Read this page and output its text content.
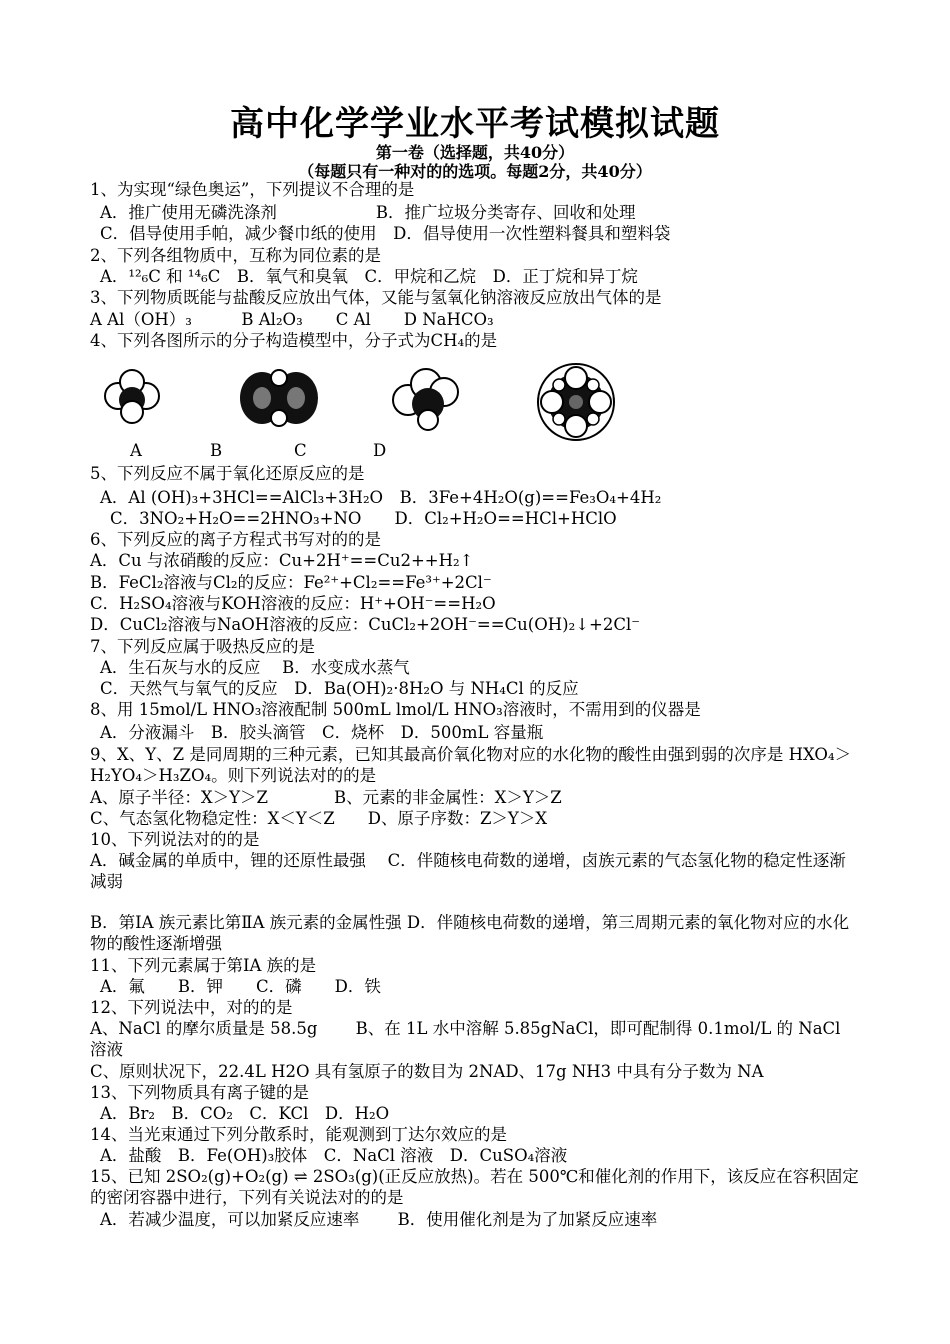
高中化学学业水平考试模拟试题
第一卷（选择题，共40分）
（每题只有一种对的的选项。每题2分，共40分）
1、为实现“绿色奥运”，下列提议不合理的是
A．推广使用无磷洗涤剂　　　　　　B．推广垃圾分类寄存、回收和处理
C．倡导使用手帕，减少餐巾纸的使用　D．倡导使用一次性塑料餐具和塑料袋
2、下列各组物质中，互称为同位素的是
A．¹²₆C 和 ¹⁴₆C　B．氧气和臭氧　C．甲烷和乙烷　D．正丁烷和异丁烷
3、下列物质既能与盐酸反应放出气体，又能与氢氧化钠溶液反应放出气体的是
A Al（OH）₃　　　B Al₂O₃　　C Al　　D NaHCO₃
4、下列各图所示的分子构造模型中，分子式为CH₄的是
A	B	C	D
5、下列反应不属于氧化还原反应的是
A．Al (OH)₃+3HCl==AlCl₃+3H₂O　B．3Fe+4H₂O(g)==Fe₃O₄+4H₂
C．3NO₂+H₂O==2HNO₃+NO　　D．Cl₂+H₂O==HCl+HClO
6、下列反应的离子方程式书写对的的是
A．Cu 与浓硝酸的反应：Cu+2H⁺==Cu2++H₂↑
B．FeCl₂溶液与Cl₂的反应：Fe²⁺+Cl₂==Fe³⁺+2Cl⁻
C．H₂SO₄溶液与KOH溶液的反应：H⁺+OH⁻==H₂O
D．CuCl₂溶液与NaOH溶液的反应：CuCl₂+2OH⁻==Cu(OH)₂↓+2Cl⁻
7、下列反应属于吸热反应的是
A．生石灰与水的反应　 B．水变成水蒸气
C．天然气与氧气的反应　D．Ba(OH)₂·8H₂O 与 NH₄Cl 的反应
8、用 15mol/L HNO₃溶液配制 500mL lmol/L HNO₃溶液时，不需用到的仪器是
A．分液漏斗　B．胶头滴管　C．烧杯　D．500mL 容量瓶
9、X、Y、Z 是同周期的三种元素，已知其最高价氧化物对应的水化物的酸性由强到弱的次序是 HXO₄＞H₂YO₄＞H₃ZO₄。则下列说法对的的是
A、原子半径：X＞Y＞Z　　　　B、元素的非金属性：X＞Y＞Z
C、气态氢化物稳定性：X＜Y＜Z　　D、原子序数：Z＞Y＞X
10、下列说法对的的是
A．碱金属的单质中，锂的还原性最强　 C．伴随核电荷数的递增，卤族元素的气态氢化物的稳定性逐渐减弱
B．第ⅠA 族元素比第ⅡA 族元素的金属性强 D．伴随核电荷数的递增，第三周期元素的氧化物对应的水化物的酸性逐渐增强
11、下列元素属于第ⅠA 族的是
A．氟　　B．钾　　C．磷　　D．铁
12、下列说法中，对的的是
A、NaCl 的摩尔质量是 58.5g　　 B、在 1L 水中溶解 5.85gNaCl，即可配制得 0.1mol/L 的 NaCl 溶液
C、原则状况下，22.4L H2O 具有氢原子的数目为 2NAD、17g NH3 中具有分子数为 NA
13、下列物质具有离子键的是
A．Br₂　B．CO₂　C．KCl　D．H₂O
14、当光束通过下列分散系时，能观测到丁达尔效应的是
A．盐酸　B．Fe(OH)₃胶体　C．NaCl 溶液　D．CuSO₄溶液
15、已知 2SO₂(g)+O₂(g) ⇌ 2SO₃(g)(正反应放热)。若在 500℃和催化剂的作用下，该反应在容积固定的密闭容器中进行，下列有关说法对的的是
A．若减少温度，可以加紧反应速率　　 B．使用催化剂是为了加紧反应速率
